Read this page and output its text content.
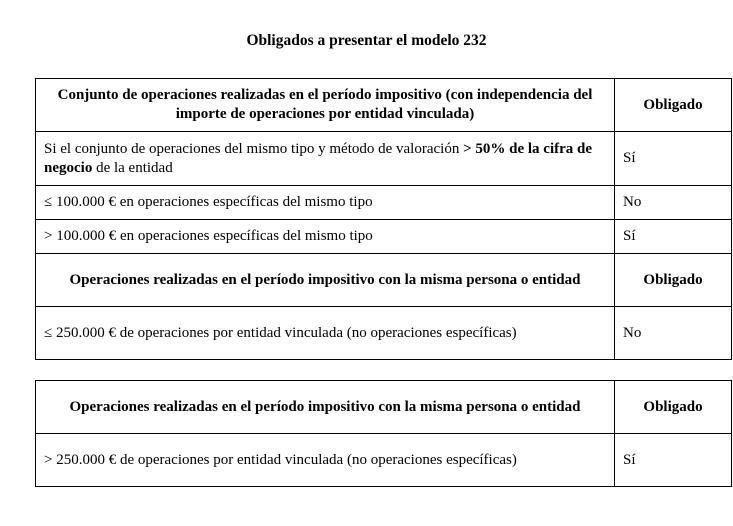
Obligados a presentar el modelo 232
Conjunto de operaciones realizadas en el período impositivo (con independencia del importe de operaciones por entidad vinculada)	Obligado
Si el conjunto de operaciones del mismo tipo y método de valoración > 50% de la cifra de negocio de la entidad	Sí
≤ 100.000 € en operaciones específicas del mismo tipo	No
> 100.000 € en operaciones específicas del mismo tipo	Sí
Operaciones realizadas en el período impositivo con la misma persona o entidad	Obligado
≤ 250.000 € de operaciones por entidad vinculada (no operaciones específicas)	No
Operaciones realizadas en el período impositivo con la misma persona o entidad	Obligado
> 250.000 € de operaciones por entidad vinculada (no operaciones específicas)	Sí
